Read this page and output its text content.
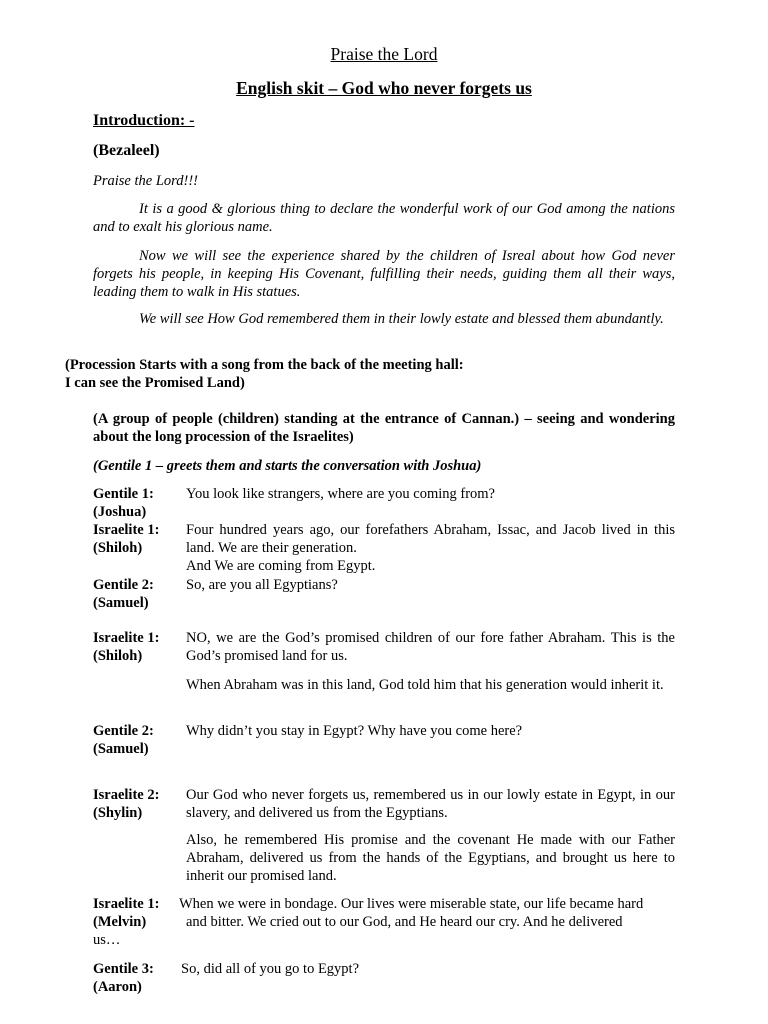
Praise the Lord
English skit – God who never forgets us
Introduction: -
(Bezaleel)
Praise the Lord!!!
It is a good & glorious thing to declare the wonderful work of our God among the nations and to exalt his glorious name.
Now we will see the experience shared by the children of Isreal about how God never forgets his people, in keeping His Covenant, fulfilling their needs, guiding them all their ways, leading them to walk in His statues.
We will see How God remembered them in their lowly estate and blessed them abundantly.
(Procession Starts with a song from the back of the meeting hall:
I can see the Promised Land)
(A group of people (children) standing at the entrance of Cannan.) – seeing and wondering about the long procession of the Israelites)
(Gentile 1 – greets them and starts the conversation with Joshua)
Gentile 1:
(Joshua)
You look like strangers, where are you coming from?
Israelite 1:
(Shiloh)
Four hundred years ago, our forefathers Abraham, Issac, and Jacob lived in this land. We are their generation.
And We are coming from Egypt.
Gentile 2:
(Samuel)
So, are you all Egyptians?
Israelite 1:
(Shiloh)
NO, we are the God’s promised children of our fore father Abraham. This is the God’s promised land for us.
When Abraham was in this land, God told him that his generation would inherit it.
Gentile 2:
(Samuel)
Why didn’t you stay in Egypt? Why have you come here?
Israelite 2:
(Shylin)
Our God who never forgets us, remembered us in our lowly estate in Egypt, in our slavery, and delivered us from the Egyptians.
Also, he remembered His promise and the covenant He made with our Father Abraham, delivered us from the hands of the Egyptians, and brought us here to inherit our promised land.
Israelite 1:
(Melvin)
When we were in bondage. Our lives were miserable state, our life became hard
and bitter. We cried out to our God, and He heard our cry. And he delivered
us…
Gentile 3:
(Aaron)
So, did all of you go to Egypt?
